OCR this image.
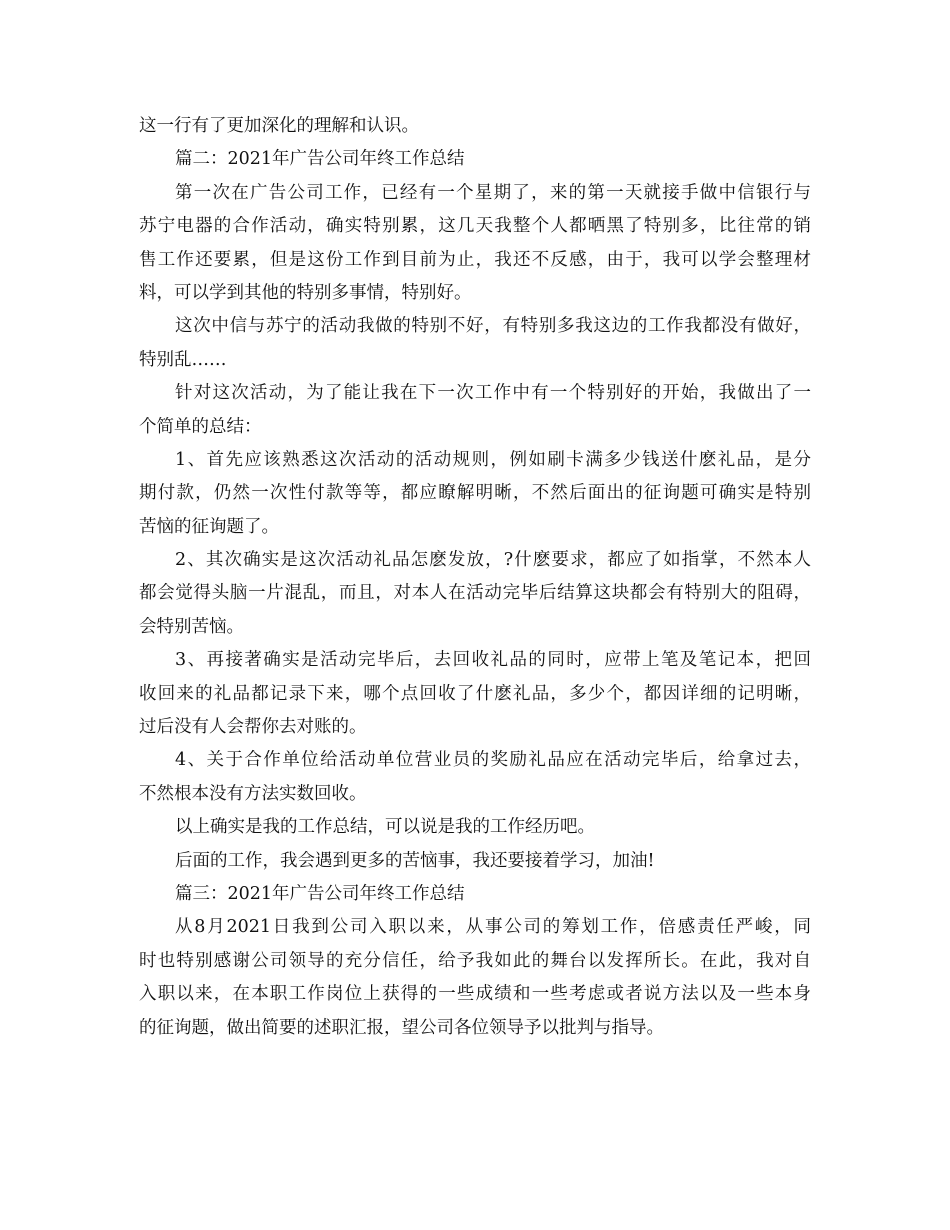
这一行有了更加深化的理解和认识。
篇二：2021年广告公司年终工作总结
第一次在广告公司工作，已经有一个星期了，来的第一天就接手做中信银行与
苏宁电器的合作活动，确实特别累，这几天我整个人都晒黑了特别多，比往常的销
售工作还要累，但是这份工作到目前为止，我还不反感，由于，我可以学会整理材
料，可以学到其他的特别多事情，特别好。
这次中信与苏宁的活动我做的特别不好，有特别多我这边的工作我都没有做好，
特别乱……
针对这次活动，为了能让我在下一次工作中有一个特别好的开始，我做出了一
个简单的总结：
1、首先应该熟悉这次活动的活动规则，例如刷卡满多少钱送什麽礼品，是分
期付款，仍然一次性付款等等，都应瞭解明晰，不然后面出的征询题可确实是特别
苦恼的征询题了。
2、其次确实是这次活动礼品怎麽发放，?什麽要求，都应了如指掌，不然本人
都会觉得头脑一片混乱，而且，对本人在活动完毕后结算这块都会有特别大的阻碍，
会特别苦恼。
3、再接著确实是活动完毕后，去回收礼品的同时，应带上笔及笔记本，把回
收回来的礼品都记录下来，哪个点回收了什麽礼品，多少个，都因详细的记明晰，
过后没有人会帮你去对账的。
4、关于合作单位给活动单位营业员的奖励礼品应在活动完毕后，给拿过去，
不然根本没有方法实数回收。
以上确实是我的工作总结，可以说是我的工作经历吧。
后面的工作，我会遇到更多的苦恼事，我还要接着学习，加油!
篇三：2021年广告公司年终工作总结
从8月2021日我到公司入职以来，从事公司的筹划工作，倍感责任严峻，同
时也特别感谢公司领导的充分信任，给予我如此的舞台以发挥所长。在此，我对自
入职以来，在本职工作岗位上获得的一些成绩和一些考虑或者说方法以及一些本身
的征询题，做出简要的述职汇报，望公司各位领导予以批判与指导。
